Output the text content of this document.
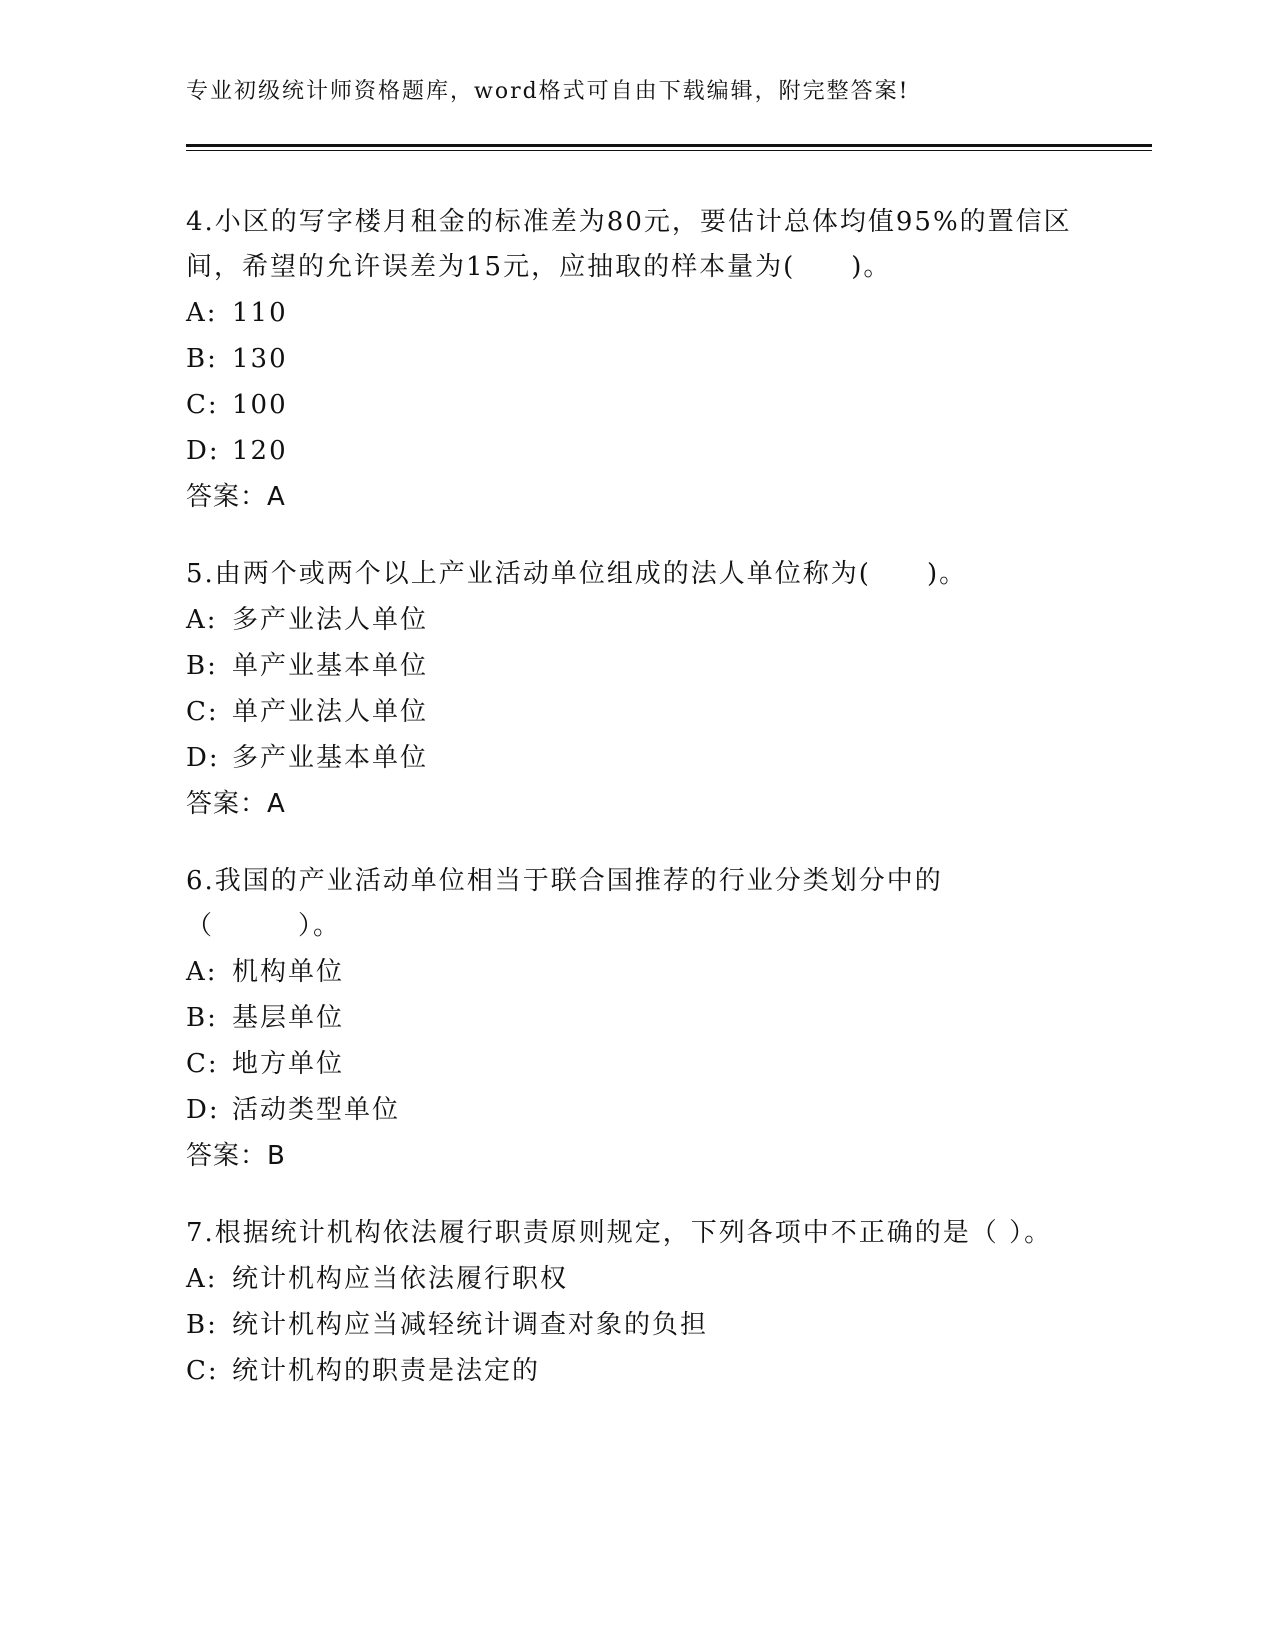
专业初级统计师资格题库，word格式可自由下载编辑，附完整答案!
4.小区的写字楼月租金的标准差为80元，要估计总体均值95%的置信区间，希望的允许误差为15元，应抽取的样本量为(　　)。
A: 110
B: 130
C: 100
D: 120
答案：A
5.由两个或两个以上产业活动单位组成的法人单位称为(　　)。
A: 多产业法人单位
B: 单产业基本单位
C: 单产业法人单位
D: 多产业基本单位
答案：A
6.我国的产业活动单位相当于联合国推荐的行业分类划分中的（　　　）。
A: 机构单位
B: 基层单位
C: 地方单位
D: 活动类型单位
答案：B
7.根据统计机构依法履行职责原则规定，下列各项中不正确的是（ ）。
A: 统计机构应当依法履行职权
B: 统计机构应当减轻统计调查对象的负担
C: 统计机构的职责是法定的
